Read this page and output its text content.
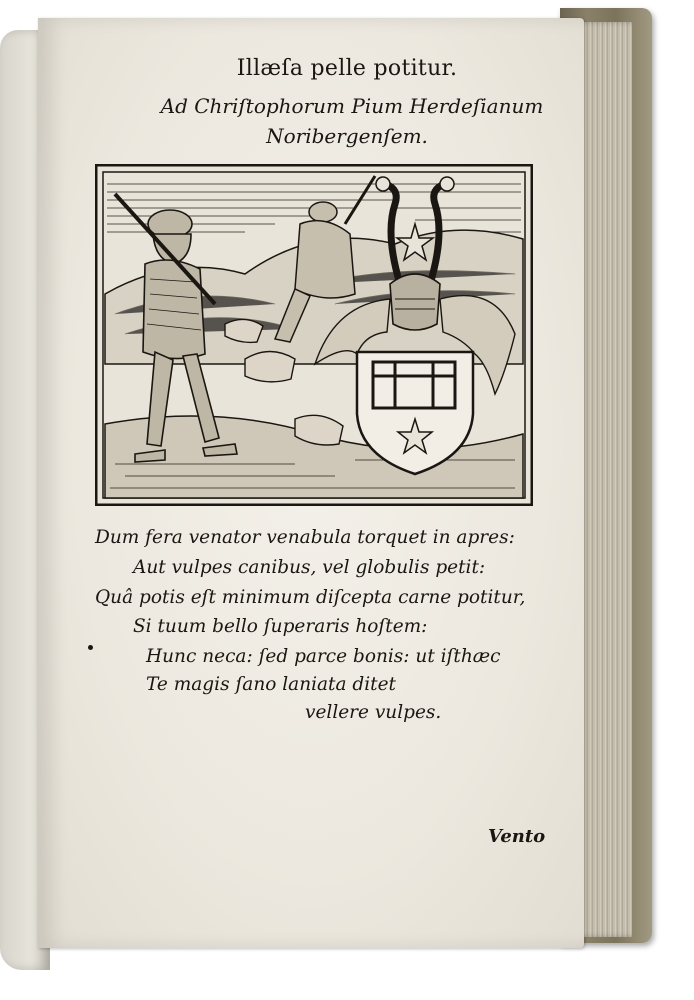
Illæſa pelle potitur.
Ad Chriſtophorum Pium Herdeſianum
Noribergenſem.
Dum fera venator venabula torquet in apres:
Aut vulpes canibus, vel globulis petit:
Quâ potis eſt minimum diſcepta carne potitur,
Si tuum bello ſuperaris hoſtem:
Hunc neca: ſed parce bonis: ut iſthæc
Te magis ſano laniata ditet
vellere vulpes.
Vento
